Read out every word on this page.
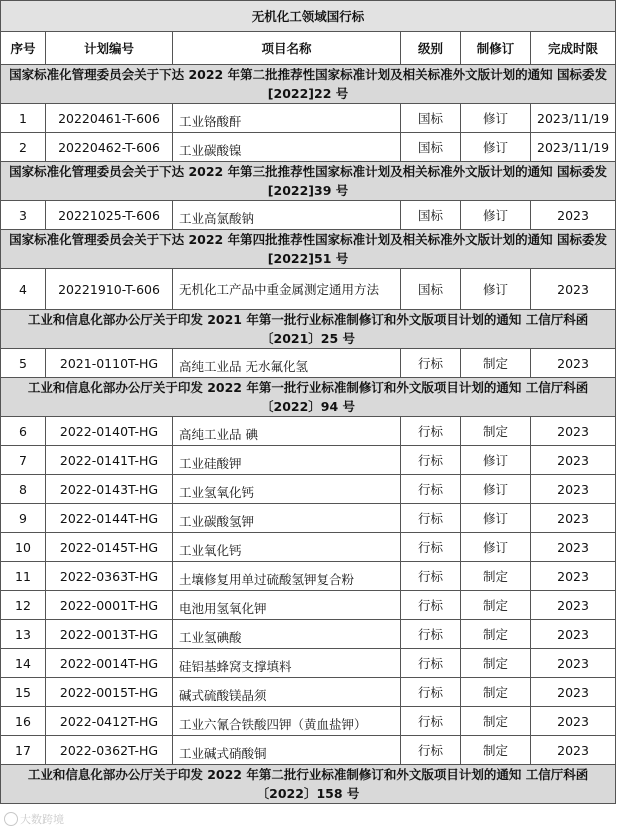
无机化工领域国行标					
序号	计划编号	项目名称	级别	制修订	完成时限
国家标准化管理委员会关于下达 2022 年第二批推荐性国家标准计划及相关标准外文版计划的通知 国标委发[2022]22 号					
1	20220461-T-606	工业铬酸酐	国标	修订	2023/11/19
2	20220462-T-606	工业碳酸镍	国标	修订	2023/11/19
国家标准化管理委员会关于下达 2022 年第三批推荐性国家标准计划及相关标准外文版计划的通知 国标委发[2022]39 号					
3	20221025-T-606	工业高氯酸钠	国标	修订	2023
国家标准化管理委员会关于下达 2022 年第四批推荐性国家标准计划及相关标准外文版计划的通知 国标委发[2022]51 号					
4	20221910-T-606	无机化工产品中重金属测定通用方法	国标	修订	2023
工业和信息化部办公厅关于印发 2021 年第一批行业标准制修订和外文版项目计划的通知 工信厅科函〔2021〕25 号					
5	2021-0110T-HG	高纯工业品 无水氟化氢	行标	制定	2023
工业和信息化部办公厅关于印发 2022 年第一批行业标准制修订和外文版项目计划的通知 工信厅科函〔2022〕94 号					
6	2022-0140T-HG	高纯工业品 碘	行标	制定	2023
7	2022-0141T-HG	工业硅酸钾	行标	修订	2023
8	2022-0143T-HG	工业氢氧化钙	行标	修订	2023
9	2022-0144T-HG	工业碳酸氢钾	行标	修订	2023
10	2022-0145T-HG	工业氧化钙	行标	修订	2023
11	2022-0363T-HG	土壤修复用单过硫酸氢钾复合粉	行标	制定	2023
12	2022-0001T-HG	电池用氢氧化钾	行标	制定	2023
13	2022-0013T-HG	工业氢碘酸	行标	制定	2023
14	2022-0014T-HG	硅铝基蜂窝支撑填料	行标	制定	2023
15	2022-0015T-HG	碱式硫酸镁晶须	行标	制定	2023
16	2022-0412T-HG	工业六氰合铁酸四钾（黄血盐钾）	行标	制定	2023
17	2022-0362T-HG	工业碱式硝酸铜	行标	制定	2023
工业和信息化部办公厅关于印发 2022 年第二批行业标准制修订和外文版项目计划的通知 工信厅科函〔2022〕158 号					
大数跨境
